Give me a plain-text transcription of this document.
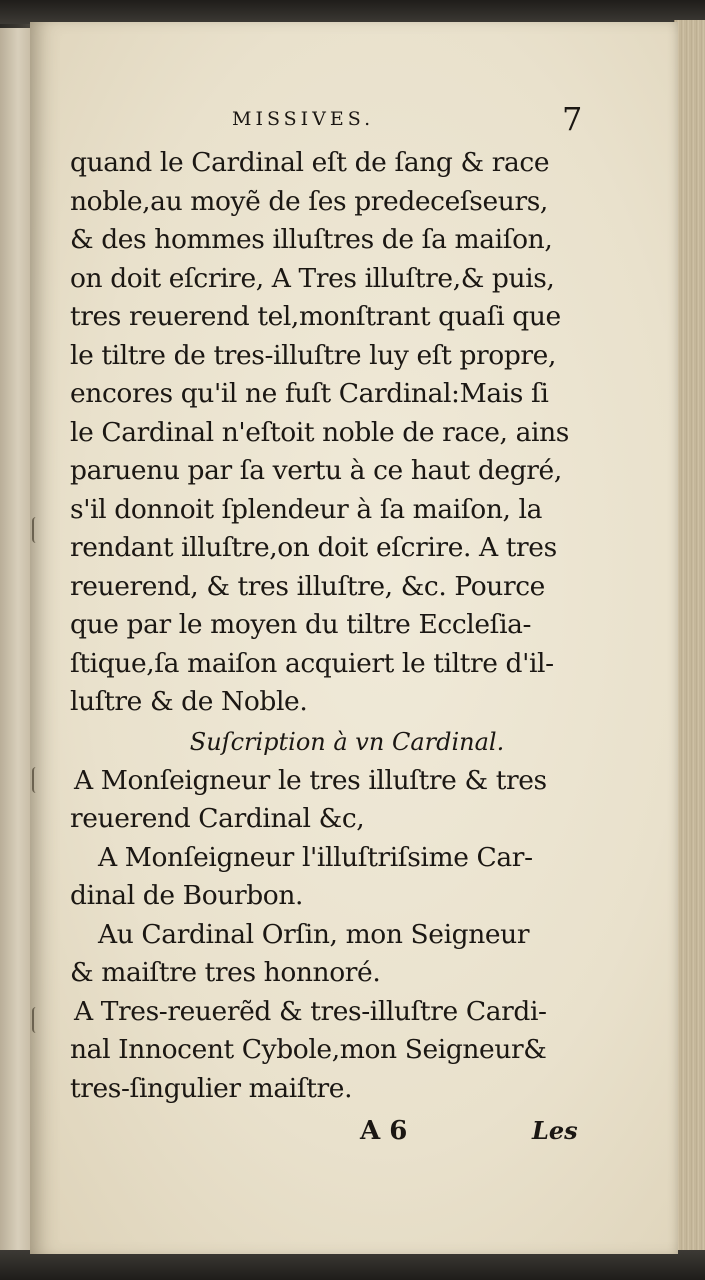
MISSIVES.	7
quand le Cardinal eſt de ſang & race
noble,au moyẽ de ſes predeceſseurs,
& des hommes illuſtres de ſa maiſon,
on doit eſcrire, A Tres illuſtre,& puis,
tres reuerend tel,monſtrant quaſi que
le tiltre de tres-illuſtre luy eſt propre,
encores qu'il ne fuſt Cardinal:Mais ſi
le Cardinal n'eſtoit noble de race, ains
paruenu par ſa vertu à ce haut degré,
s'il donnoit ſplendeur à ſa maiſon, la
rendant illuſtre,on doit eſcrire. A tres
reuerend, & tres illuſtre, &c. Pource
que par le moyen du tiltre Eccleſia-
ſtique,ſa maiſon acquiert le tiltre d'il-
luſtre & de Noble.
Suſcription à vn Cardinal.
A Monſeigneur le tres illuſtre & tres
reuerend Cardinal &c,
A Monſeigneur l'illuſtriſsime Car-
dinal de Bourbon.
Au Cardinal Orſin, mon Seigneur
& maiſtre tres honnoré.
A Tres-reuerẽd & tres-illuſtre Cardi-
nal Innocent Cybole,mon Seigneur&
tres-ſingulier maiſtre.
A 6	Les
